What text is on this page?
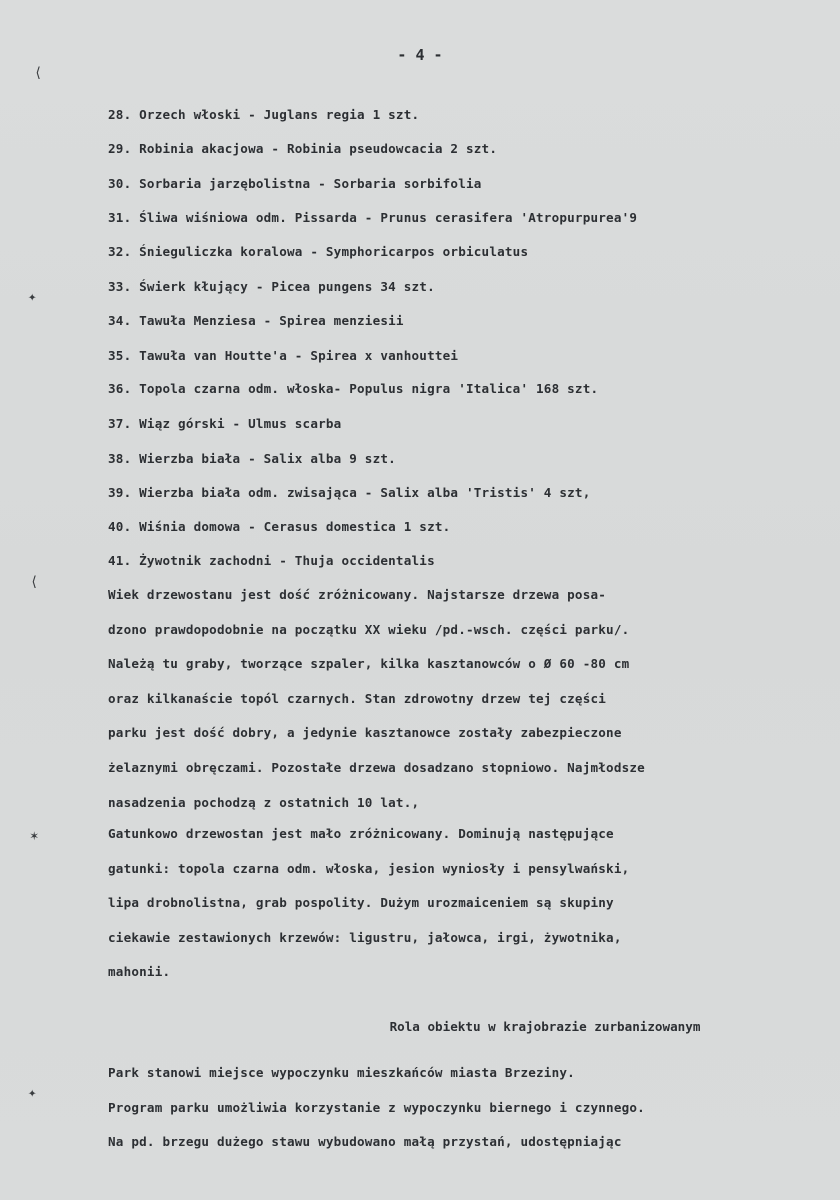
- 4 -
⟨
✦
⟨
✶
✦
28. Orzech włoski - Juglans regia 1 szt.
29. Robinia akacjowa - Robinia pseudowcacia 2 szt.
30. Sorbaria jarzębolistna - Sorbaria sorbifolia
31. Śliwa wiśniowa odm. Pissarda - Prunus cerasifera 'Atropurpurea'9
32. Śnieguliczka koralowa - Symphoricarpos orbiculatus
33. Świerk kłujący - Picea pungens 34 szt.
34. Tawuła Menziesa - Spirea menziesii
35. Tawuła van Houtte'a - Spirea x vanhouttei
36. Topola czarna odm. włoska- Populus nigra 'Italica' 168 szt.
37. Wiąz górski - Ulmus scarba
38. Wierzba biała - Salix alba 9 szt.
39. Wierzba biała odm. zwisająca - Salix alba 'Tristis' 4 szt,
40. Wiśnia domowa - Cerasus domestica 1 szt.
41. Żywotnik zachodni - Thuja occidentalis
Wiek drzewostanu jest dość zróżnicowany. Najstarsze drzewa posa-
dzono prawdopodobnie na początku XX wieku /pd.-wsch. części parku/.
Należą tu graby, tworzące szpaler, kilka kasztanowców o Ø 60 -80 cm
oraz kilkanaście topól czarnych. Stan zdrowotny drzew tej części
parku jest dość dobry, a jedynie kasztanowce zostały zabezpieczone
żelaznymi obręczami. Pozostałe drzewa dosadzano stopniowo. Najmłodsze
nasadzenia pochodzą z ostatnich 10 lat.,
Gatunkowo drzewostan jest mało zróżnicowany. Dominują następujące
gatunki: topola czarna odm. włoska, jesion wyniosły i pensylwański,
lipa drobnolistna, grab pospolity. Dużym urozmaiceniem są skupiny
ciekawie zestawionych krzewów: ligustru, jałowca, irgi, żywotnika,
mahonii.
Rola obiektu w krajobrazie zurbanizowanym
Park stanowi miejsce wypoczynku mieszkańców miasta Brzeziny.
Program parku umożliwia korzystanie z wypoczynku biernego i czynnego.
Na pd. brzegu dużego stawu wybudowano małą przystań, udostępniając
